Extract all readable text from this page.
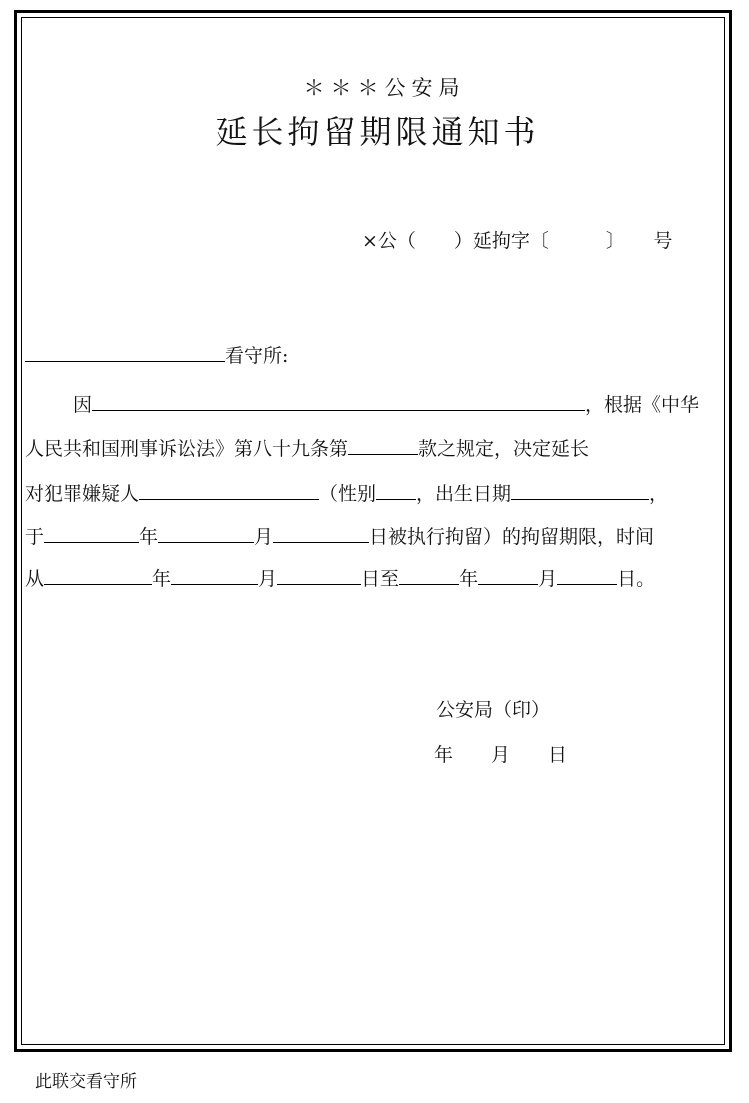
＊＊＊公安局
延长拘留期限通知书
×公（　　）延拘字〔　　　〕　　号
看守所:
因	，根据《中华
人民共和国刑事诉讼法》第八十九条第	款之规定，决定延长
对犯罪嫌疑人	（性别 ，出生日期	，
于	年	月	日被执行拘留）的拘留期限，时间
从	年	月	日至	年	月	日。
公安局（印）
年　　月　　日
此联交看守所
